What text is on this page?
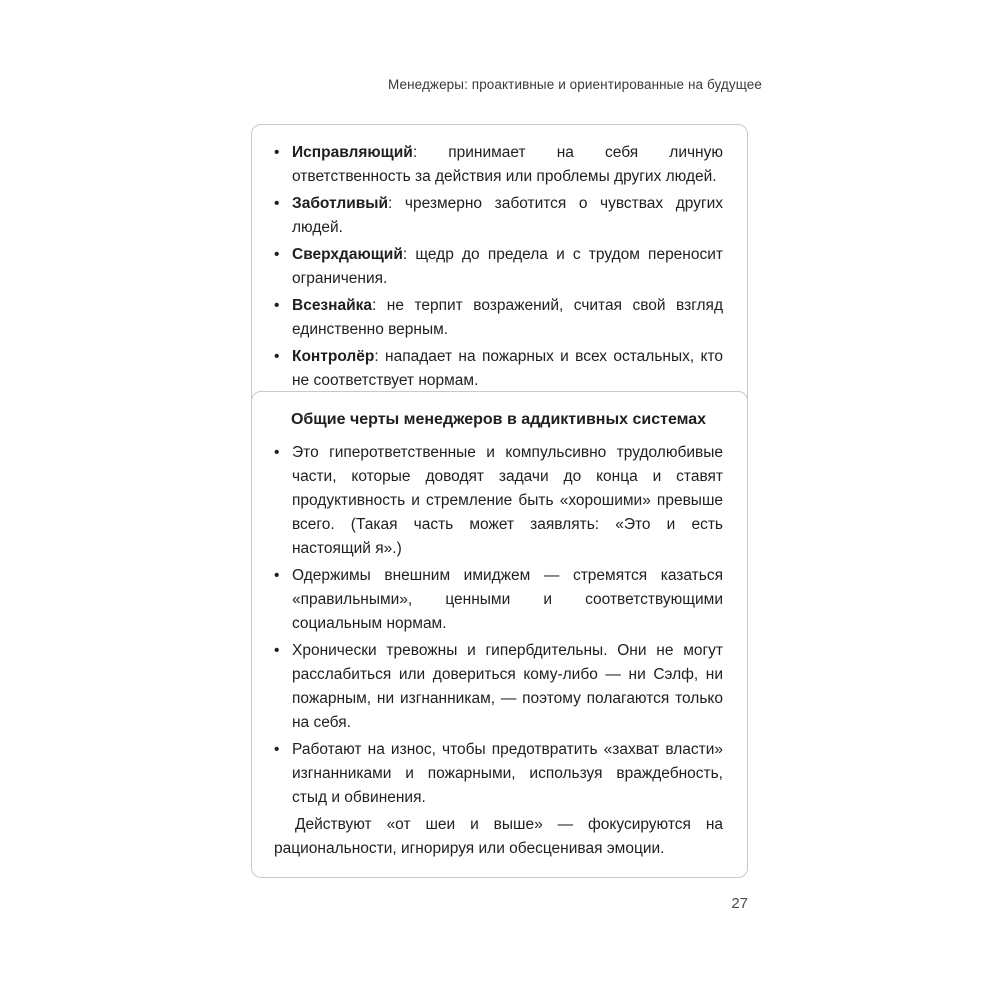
Менеджеры: проактивные и ориентированные на будущее
• Исправляющий: принимает на себя личную ответственность за действия или проблемы других людей.
• Заботливый: чрезмерно заботится о чувствах других людей.
• Сверхдающий: щедр до предела и с трудом переносит ограничения.
• Всезнайка: не терпит возражений, считая свой взгляд единственно верным.
• Контролёр: нападает на пожарных и всех остальных, кто не соответствует нормам.
Общие черты менеджеров в аддиктивных системах
• Это гиперответственные и компульсивно трудолюбивые части, которые доводят задачи до конца и ставят продуктивность и стремление быть «хорошими» превыше всего. (Такая часть может заявлять: «Это и есть настоящий я».)
• Одержимы внешним имиджем — стремятся казаться «правильными», ценными и соответствующими социальным нормам.
• Хронически тревожны и гипербдительны. Они не могут расслабиться или довериться кому-либо — ни Сэлф, ни пожарным, ни изгнанникам, — поэтому полагаются только на себя.
• Работают на износ, чтобы предотвратить «захват власти» изгнанниками и пожарными, используя враждебность, стыд и обвинения.
Действуют «от шеи и выше» — фокусируются на рациональности, игнорируя или обесценивая эмоции.
27
